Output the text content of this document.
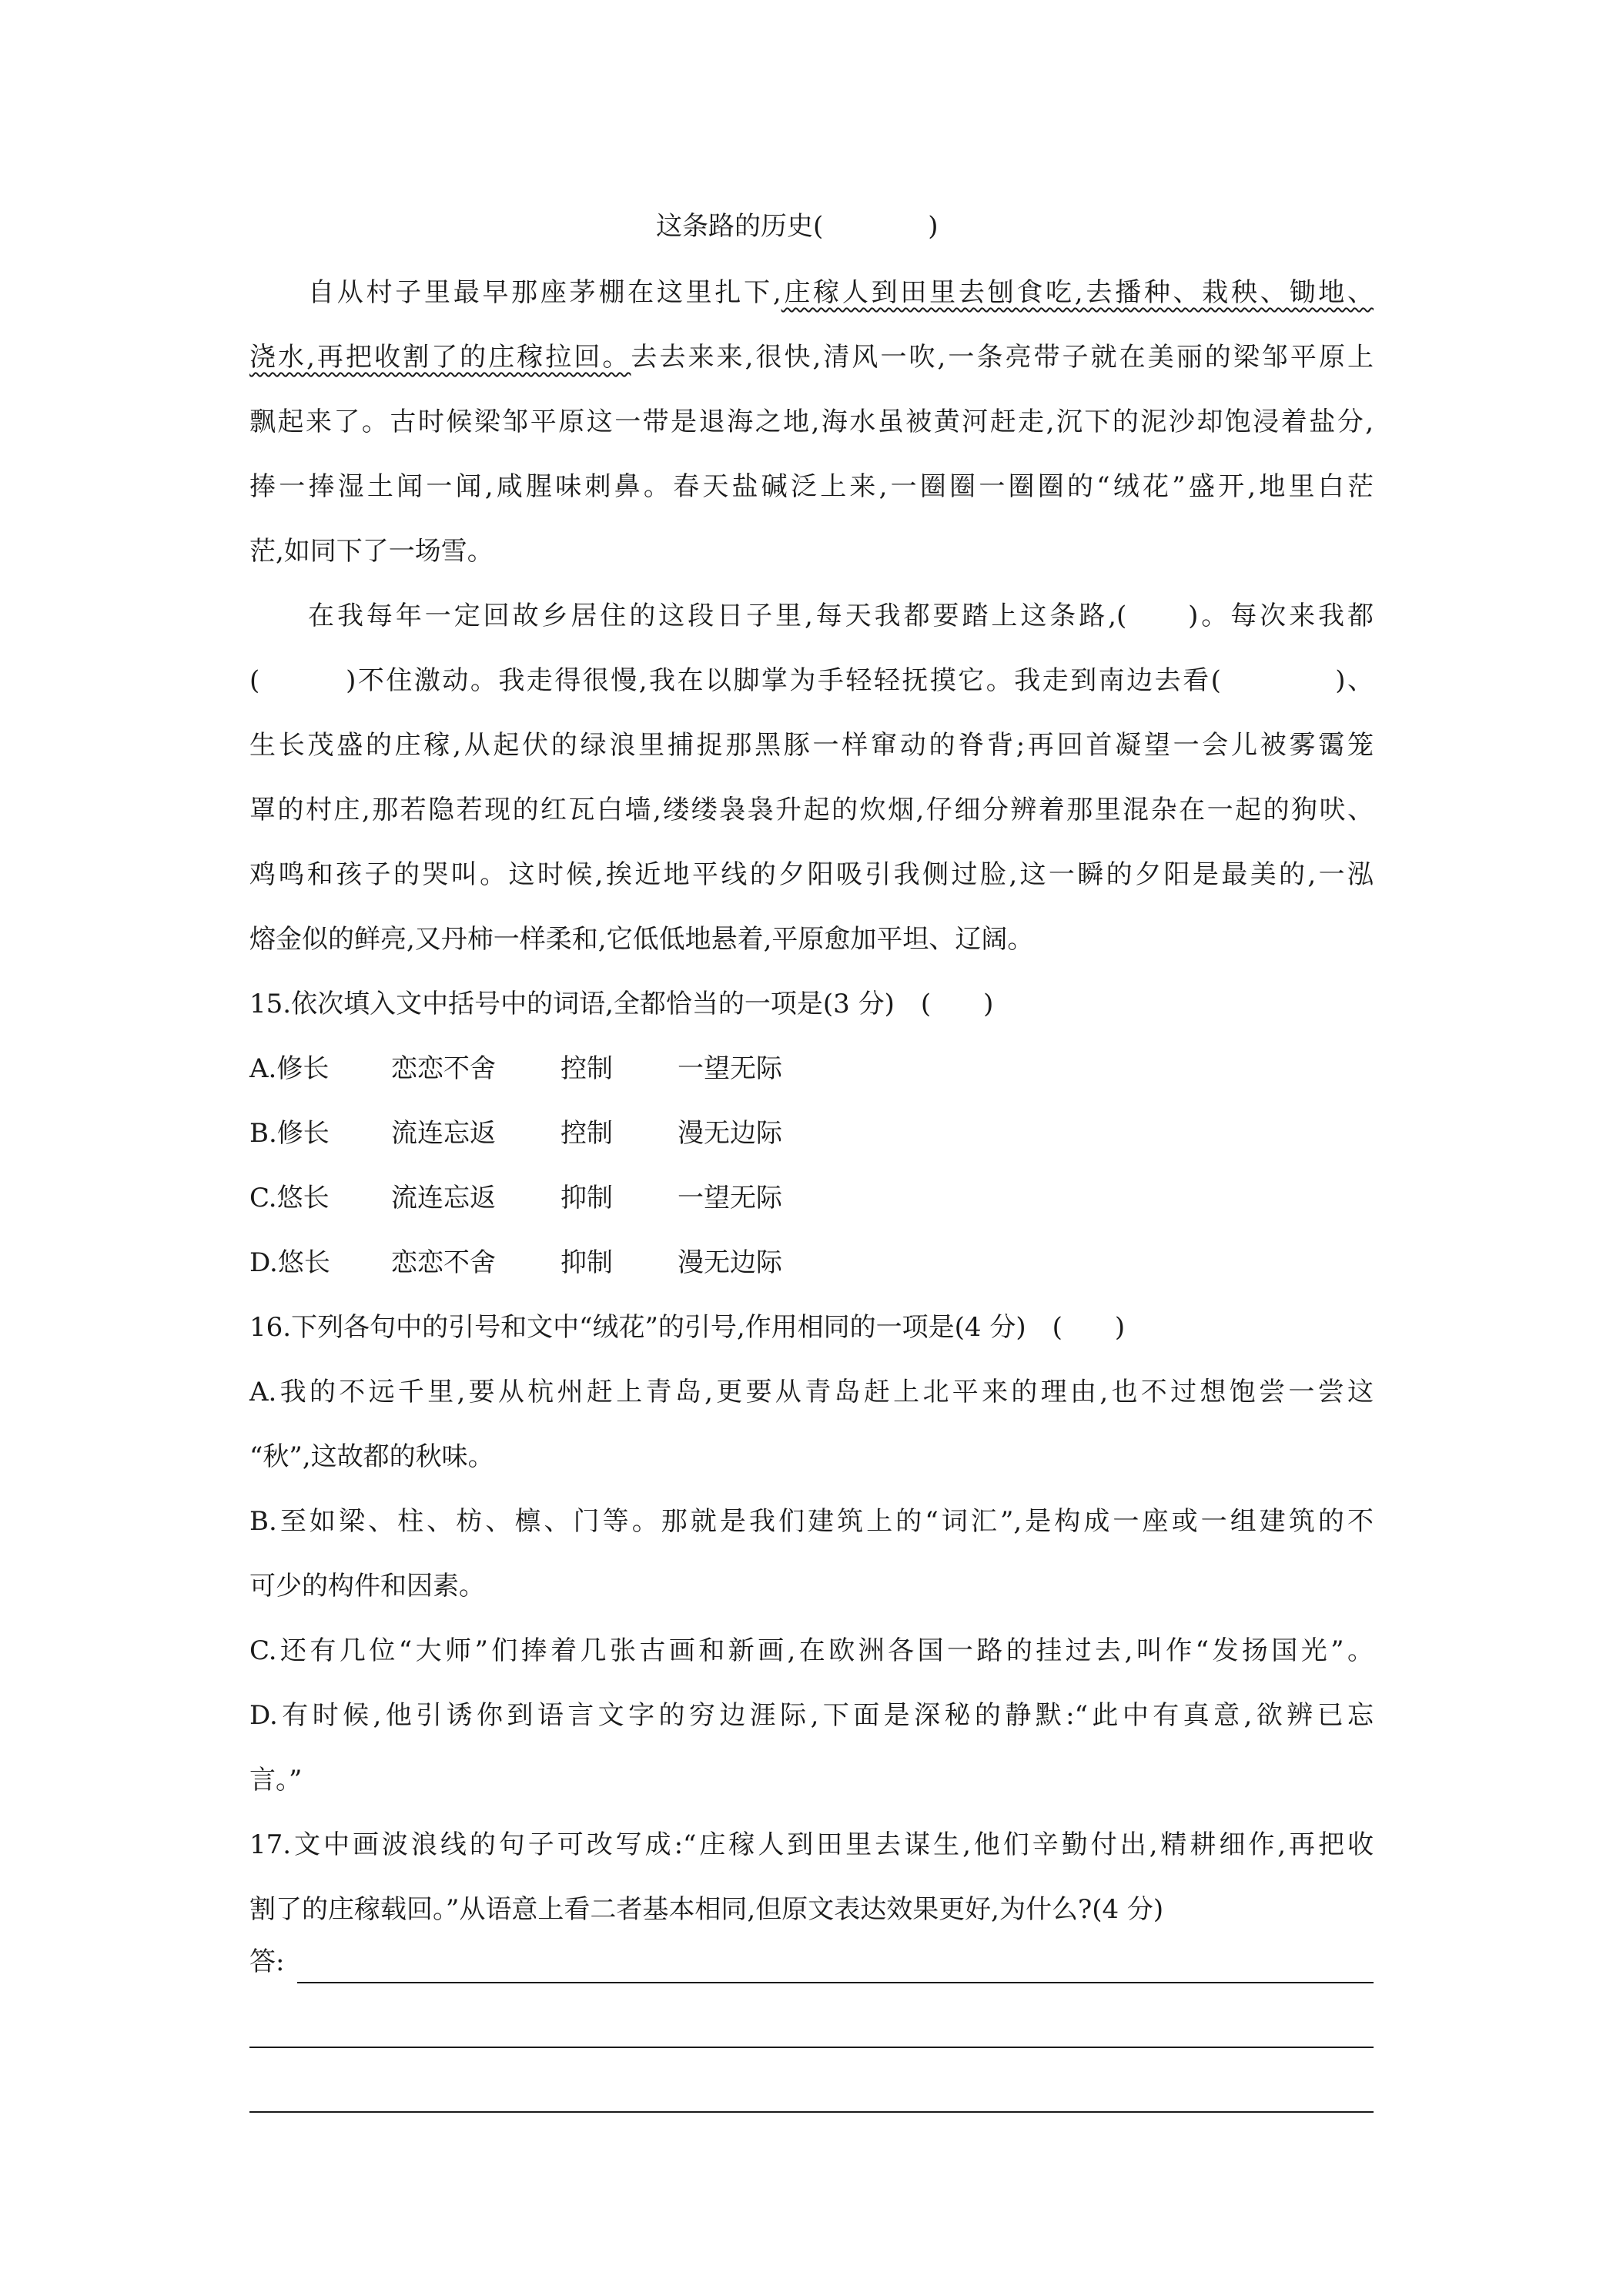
这条路的历史(　　　　)
自从村子里最早那座茅棚在这里扎下,庄稼人到田里去刨食吃,去播种、栽秧、锄地、
浇水,再把收割了的庄稼拉回。去去来来,很快,清风一吹,一条亮带子就在美丽的梁邹平原上
飘起来了。古时候梁邹平原这一带是退海之地,海水虽被黄河赶走,沉下的泥沙却饱浸着盐分,
捧一捧湿土闻一闻,咸腥味刺鼻。春天盐碱泛上来,一圈圈一圈圈的“绒花”盛开,地里白茫
茫,如同下了一场雪。
在我每年一定回故乡居住的这段日子里,每天我都要踏上这条路,(　　)。每次来我都
(　　　)不住激动。我走得很慢,我在以脚掌为手轻轻抚摸它。我走到南边去看(　　　　)、
生长茂盛的庄稼,从起伏的绿浪里捕捉那黑豚一样窜动的脊背;再回首凝望一会儿被雾霭笼
罩的村庄,那若隐若现的红瓦白墙,缕缕袅袅升起的炊烟,仔细分辨着那里混杂在一起的狗吠、
鸡鸣和孩子的哭叫。这时候,挨近地平线的夕阳吸引我侧过脸,这一瞬的夕阳是最美的,一泓
熔金似的鲜亮,又丹柿一样柔和,它低低地悬着,平原愈加平坦、辽阔。
15.依次填入文中括号中的词语,全都恰当的一项是(3 分)　(　　)
A.修长 恋恋不舍 控制 一望无际
B.修长 流连忘返 控制 漫无边际
C.悠长 流连忘返 抑制 一望无际
D.悠长 恋恋不舍 抑制 漫无边际
16.下列各句中的引号和文中“绒花”的引号,作用相同的一项是(4 分)　(　　)
A.我的不远千里,要从杭州赶上青岛,更要从青岛赶上北平来的理由,也不过想饱尝一尝这
“秋”,这故都的秋味。
B.至如梁、柱、枋、檩、门等。那就是我们建筑上的“词汇”,是构成一座或一组建筑的不
可少的构件和因素。
C.还有几位“大师”们捧着几张古画和新画,在欧洲各国一路的挂过去,叫作“发扬国光”。
D.有时候,他引诱你到语言文字的穷边涯际,下面是深秘的静默:“此中有真意,欲辨已忘
言。”
17.文中画波浪线的句子可改写成:“庄稼人到田里去谋生,他们辛勤付出,精耕细作,再把收
割了的庄稼载回。”从语意上看二者基本相同,但原文表达效果更好,为什么?(4 分)
答:
